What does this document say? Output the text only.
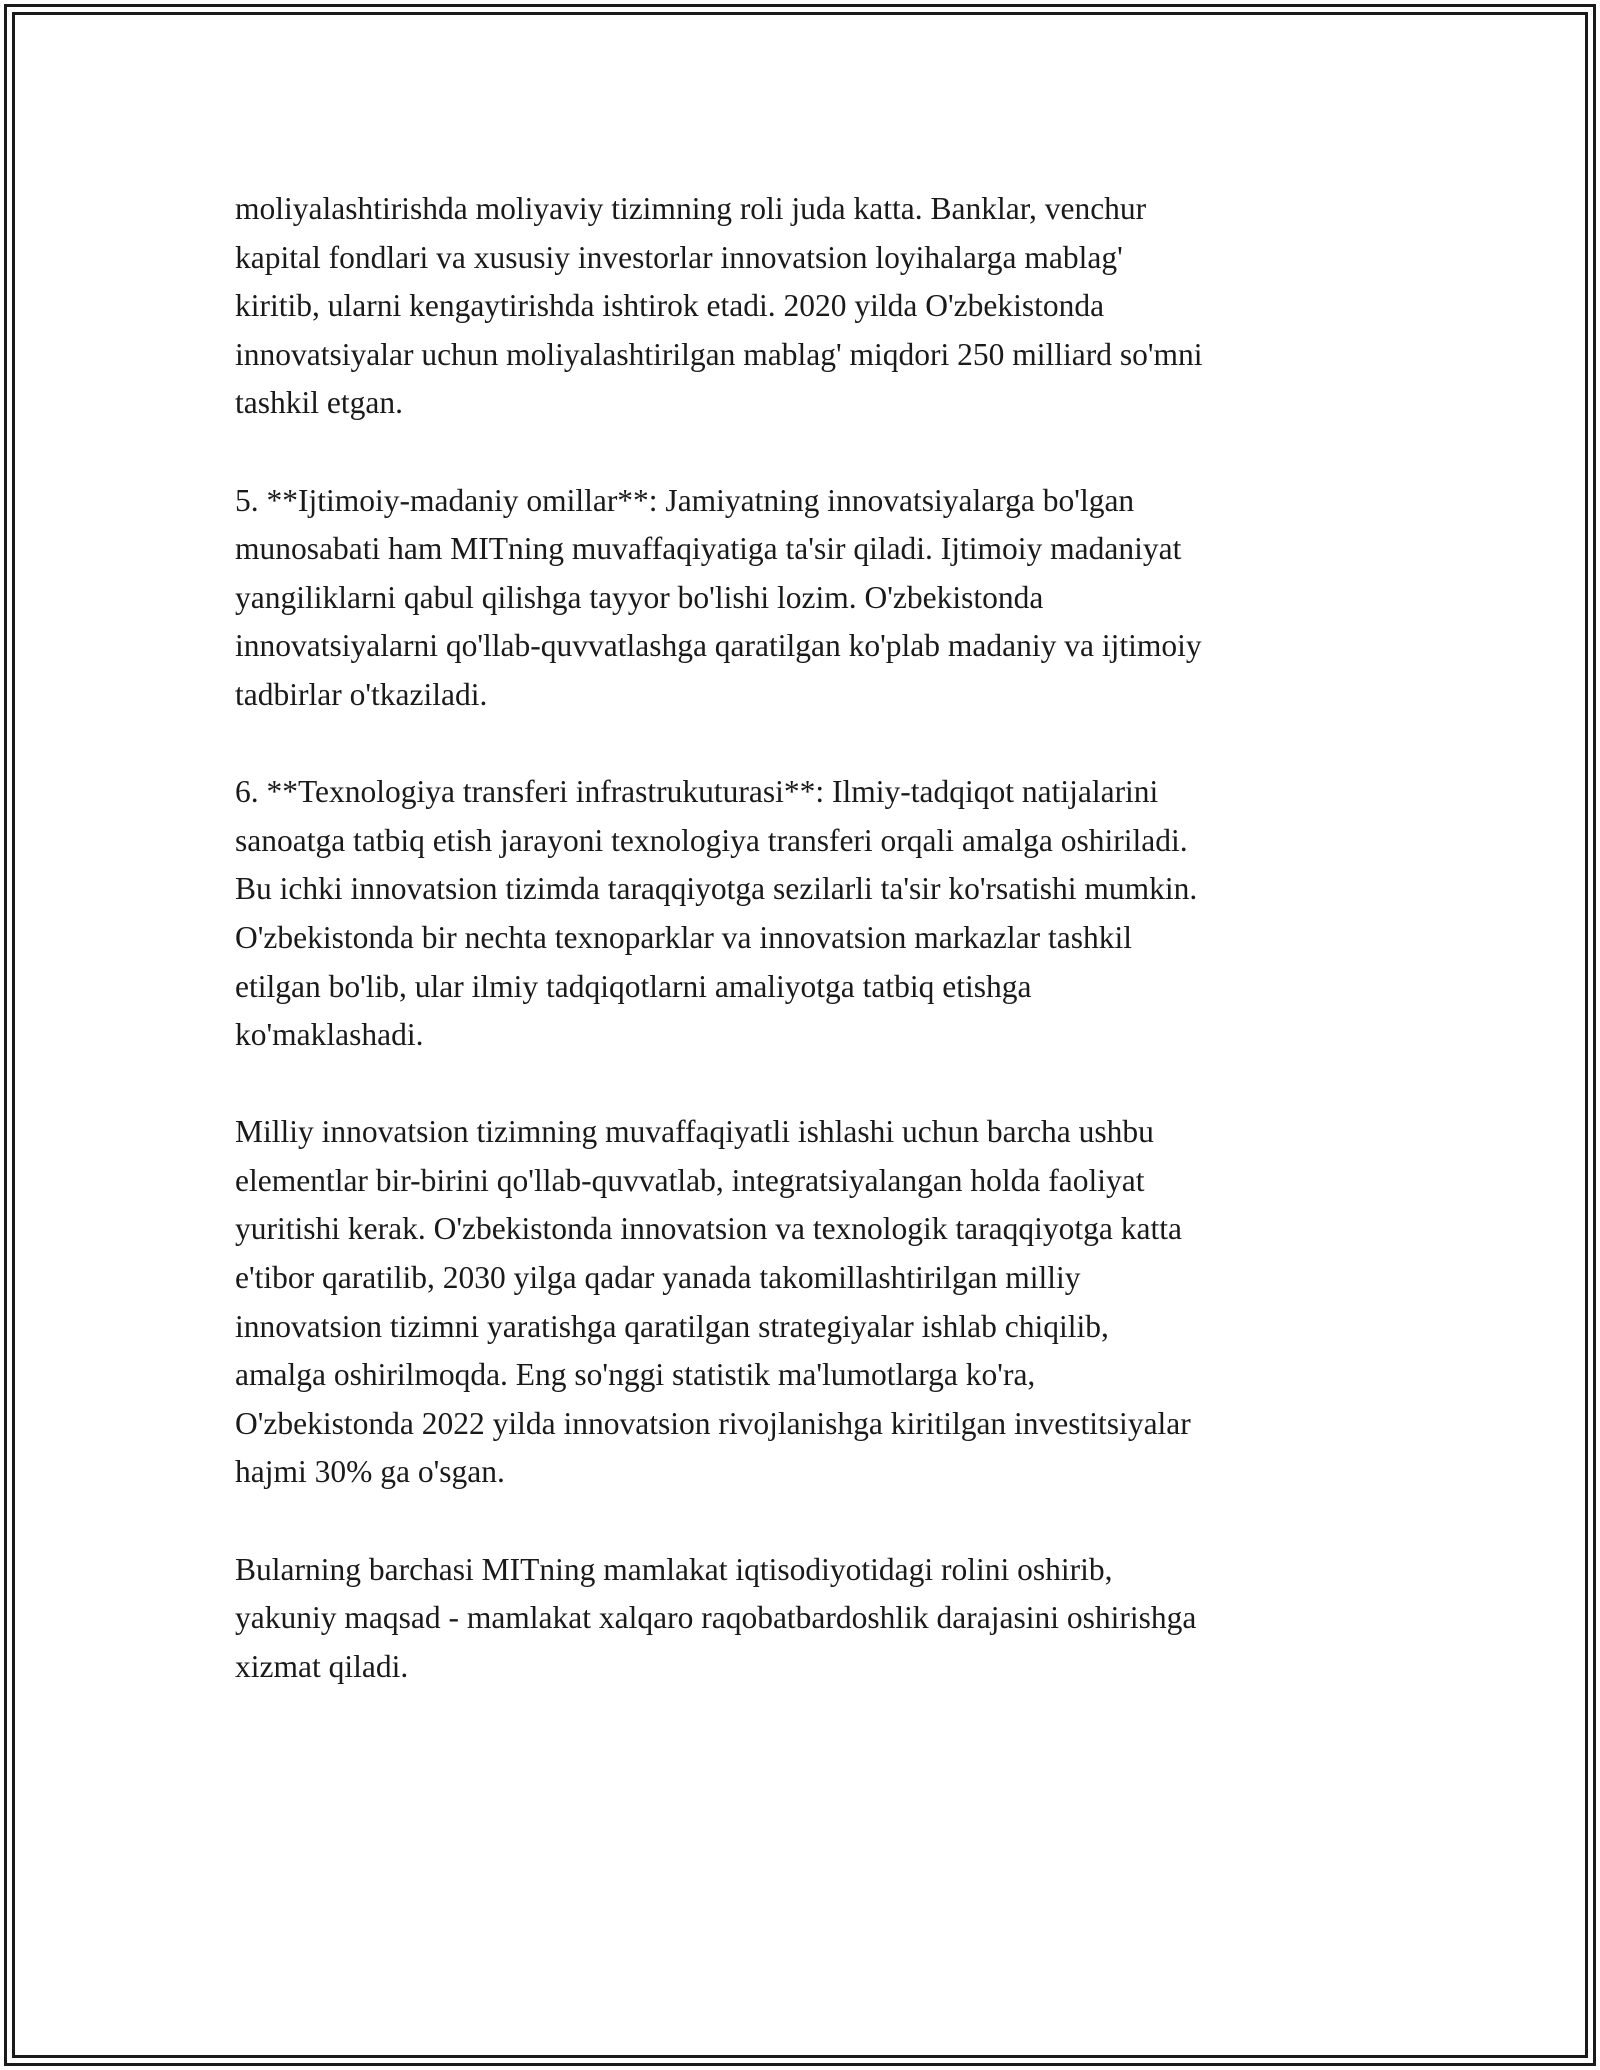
moliyalashtirishda moliyaviy tizimning roli juda katta. Banklar, venchur
kapital fondlari va xususiy investorlar innovatsion loyihalarga mablag'
kiritib, ularni kengaytirishda ishtirok etadi. 2020 yilda O'zbekistonda
innovatsiyalar uchun moliyalashtirilgan mablag' miqdori 250 milliard so'mni
tashkil etgan.

5. **Ijtimoiy-madaniy omillar**: Jamiyatning innovatsiyalarga bo'lgan
munosabati ham MITning muvaffaqiyatiga ta'sir qiladi. Ijtimoiy madaniyat
yangiliklarni qabul qilishga tayyor bo'lishi lozim. O'zbekistonda
innovatsiyalarni qo'llab-quvvatlashga qaratilgan ko'plab madaniy va ijtimoiy
tadbirlar o'tkaziladi.

6. **Texnologiya transferi infrastrukuturasi**: Ilmiy-tadqiqot natijalarini
sanoatga tatbiq etish jarayoni texnologiya transferi orqali amalga oshiriladi.
Bu ichki innovatsion tizimda taraqqiyotga sezilarli ta'sir ko'rsatishi mumkin.
O'zbekistonda bir nechta texnoparklar va innovatsion markazlar tashkil
etilgan bo'lib, ular ilmiy tadqiqotlarni amaliyotga tatbiq etishga
ko'maklashadi.

Milliy innovatsion tizimning muvaffaqiyatli ishlashi uchun barcha ushbu
elementlar bir-birini qo'llab-quvvatlab, integratsiyalangan holda faoliyat
yuritishi kerak. O'zbekistonda innovatsion va texnologik taraqqiyotga katta
e'tibor qaratilib, 2030 yilga qadar yanada takomillashtirilgan milliy
innovatsion tizimni yaratishga qaratilgan strategiyalar ishlab chiqilib,
amalga oshirilmoqda. Eng so'nggi statistik ma'lumotlarga ko'ra,
O'zbekistonda 2022 yilda innovatsion rivojlanishga kiritilgan investitsiyalar
hajmi 30% ga o'sgan.

Bularning barchasi MITning mamlakat iqtisodiyotidagi rolini oshirib,
yakuniy maqsad - mamlakat xalqaro raqobatbardoshlik darajasini oshirishga
xizmat qiladi.
